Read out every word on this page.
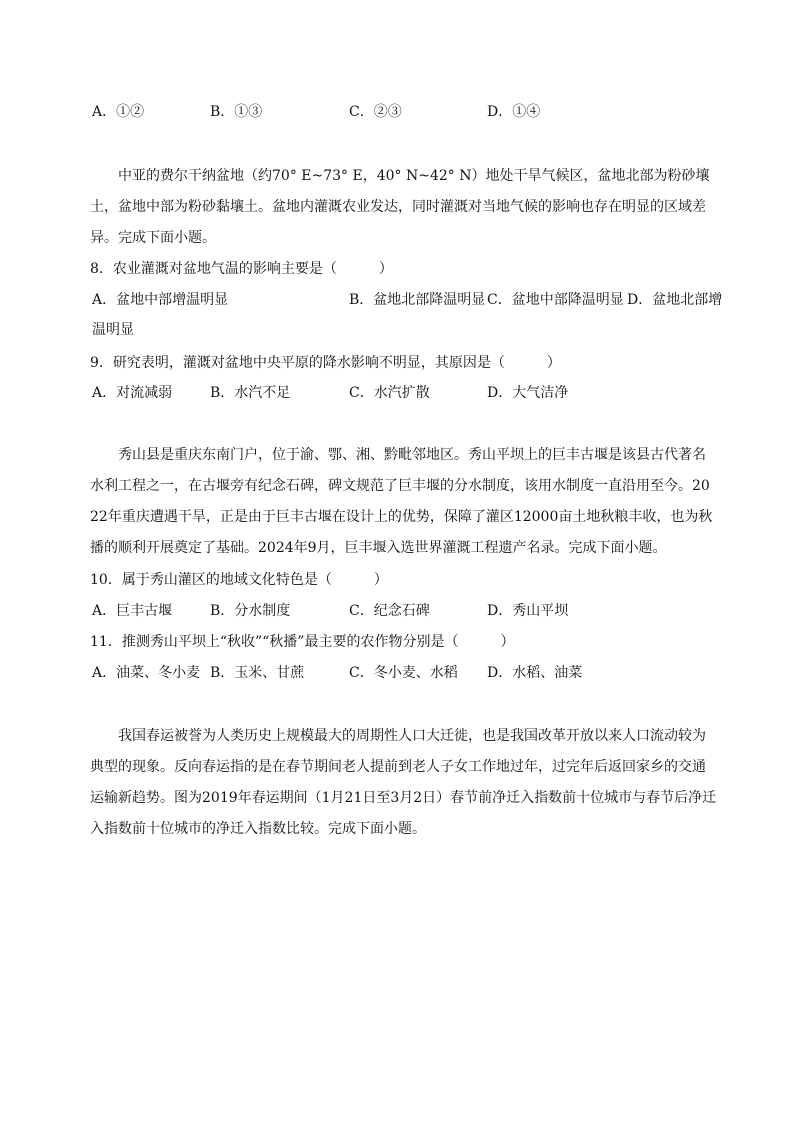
A．①②	B．①③	C．②③	D．①④
中亚的费尔干纳盆地（约70° E~73° E，40° N~42° N）地处干旱气候区，盆地北部为粉砂壤土，盆地中部为粉砂黏壤土。盆地内灌溉农业发达，同时灌溉对当地气候的影响也存在明显的区域差异。完成下面小题。
8．农业灌溉对盆地气温的影响主要是（　　　）
A．盆地中部增温明显	B．盆地北部降温明显 C．盆地中部降温明显 D．盆地北部增
温明显
9．研究表明，灌溉对盆地中央平原的降水影响不明显，其原因是（　　　）
A．对流减弱	B．水汽不足	C．水汽扩散	D．大气洁净
秀山县是重庆东南门户，位于渝、鄂、湘、黔毗邻地区。秀山平坝上的巨丰古堰是该县古代著名水利工程之一，在古堰旁有纪念石碑，碑文规范了巨丰堰的分水制度，该用水制度一直沿用至今。2022年重庆遭遇干旱，正是由于巨丰古堰在设计上的优势，保障了灌区12000亩土地秋粮丰收，也为秋播的顺利开展奠定了基础。2024年9月，巨丰堰入选世界灌溉工程遗产名录。完成下面小题。
10．属于秀山灌区的地域文化特色是（　　　）
A．巨丰古堰	B．分水制度	C．纪念石碑	D．秀山平坝
11．推测秀山平坝上“秋收”“秋播”最主要的农作物分别是（　　　）
A．油菜、冬小麦 B．玉米、甘蔗	C．冬小麦、水稻 D．水稻、油菜
我国春运被誉为人类历史上规模最大的周期性人口大迁徙，也是我国改革开放以来人口流动较为典型的现象。反向春运指的是在春节期间老人提前到老人子女工作地过年，过完年后返回家乡的交通运输新趋势。图为2019年春运期间（1月21日至3月2日）春节前净迁入指数前十位城市与春节后净迁入指数前十位城市的净迁入指数比较。完成下面小题。
